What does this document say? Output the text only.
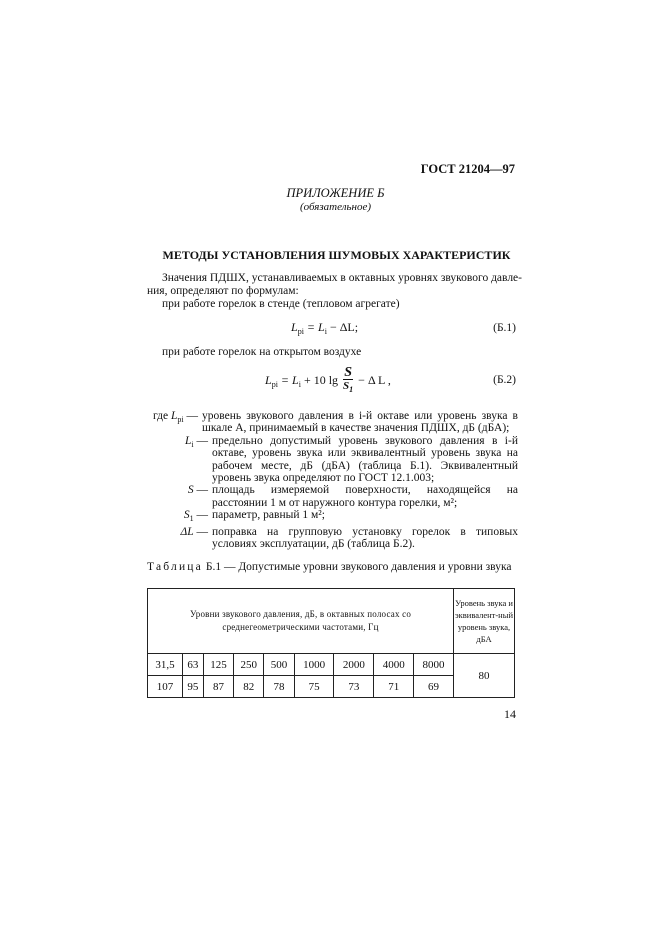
ГОСТ 21204—97
ПРИЛОЖЕНИЕ Б
(обязательное)
МЕТОДЫ УСТАНОВЛЕНИЯ ШУМОВЫХ ХАРАКТЕРИСТИК
Значения ПДШХ, устанавливаемых в октавных уровнях звукового давле-
ния, определяют по формулам:
при работе горелок в стенде (тепловом агрегате)
$L_{pi} = L_i - \Delta L$;	(Б.1)
при работе горелок на открытом воздухе
$L_{pi} = L_i + 10$ $\lg \frac{S}{S_1} - \Delta$ L ,	(Б.2)
где $L_{pi}$ — уровень звукового давления в i-й октаве или уровень звука в шкале А, принимаемый в качестве значения ПДШХ, дБ (дБА);
$L_i$ — предельно допустимый уровень звукового давления в i-й октаве, уровень звука или эквивалентный уровень звука на рабочем месте, дБ (дБА) (таблица Б.1). Эквивалентный уровень звука определяют по ГОСТ 12.1.003;
S — площадь измеряемой поверхности, находящейся на расстоянии 1 м от наружного контура горелки, м²;
$S_1$ — параметр, равный 1 м²;
ΔL — поправка на групповую установку горелок в типовых условиях эксплуатации, дБ (таблица Б.2).
Таблица Б.1 — Допустимые уровни звукового давления и уровни звука
Уровни звукового давления, дБ, в октавных полосах со среднегеометрическими частотами, Гц									Уровень звука и эквивалент-ный уровень звука, дБА
31,5	63	125	250	500	1000	2000	4000	8000	80
107	95	87	82	78	75	73	71	69	
14
